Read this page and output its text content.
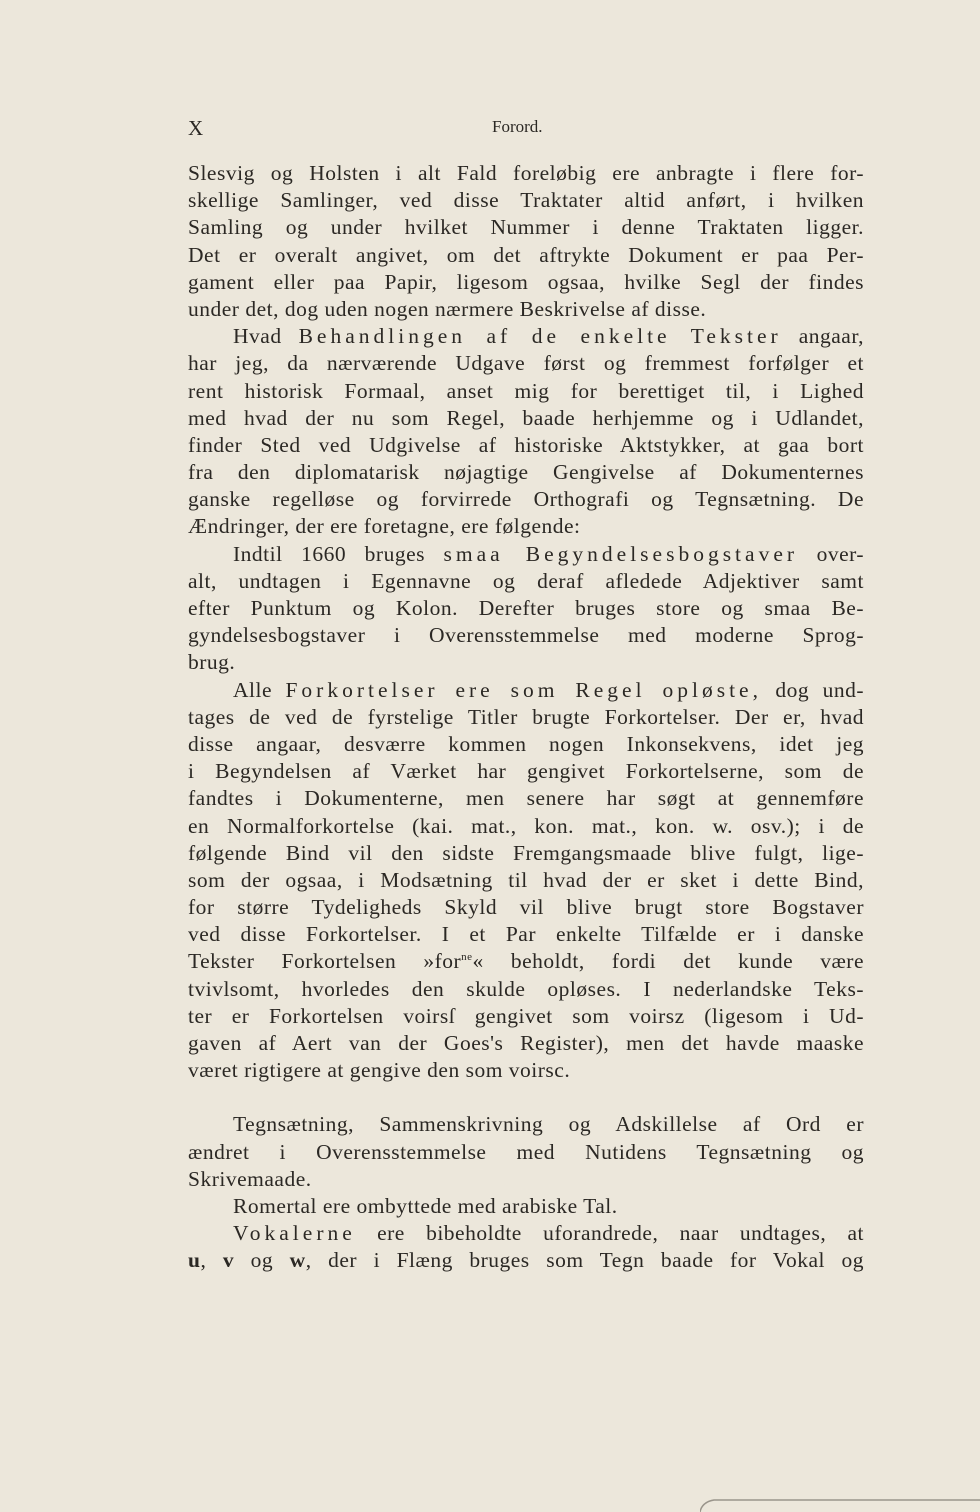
X	Forord.
Slesvig og Holsten i alt Fald foreløbig ere anbragte i flere for-
skellige Samlinger, ved disse Traktater altid anført, i hvilken
Samling og under hvilket Nummer i denne Traktaten ligger.
Det er overalt angivet, om det aftrykte Dokument er paa Per-
gament eller paa Papir, ligesom ogsaa, hvilke Segl der findes
under det, dog uden nogen nærmere Beskrivelse af disse.
Hvad Behandlingen af de enkelte Tekster angaar,
har jeg, da nærværende Udgave først og fremmest forfølger et
rent historisk Formaal, anset mig for berettiget til, i Lighed
med hvad der nu som Regel, baade herhjemme og i Udlandet,
finder Sted ved Udgivelse af historiske Aktstykker, at gaa bort
fra den diplomatarisk nøjagtige Gengivelse af Dokumenternes
ganske regelløse og forvirrede Orthografi og Tegnsætning. De
Ændringer, der ere foretagne, ere følgende:
Indtil 1660 bruges smaa Begyndelsesbogstaver over-
alt, undtagen i Egennavne og deraf afledede Adjektiver samt
efter Punktum og Kolon. Derefter bruges store og smaa Be-
gyndelsesbogstaver i Overensstemmelse med moderne Sprog-
brug.
Alle Forkortelser ere som Regel opløste, dog und-
tages de ved de fyrstelige Titler brugte Forkortelser. Der er, hvad
disse angaar, desværre kommen nogen Inkonsekvens, idet jeg
i Begyndelsen af Værket har gengivet Forkortelserne, som de
fandtes i Dokumenterne, men senere har søgt at gennemføre
en Normalforkortelse (kai. mat., kon. mat., kon. w. osv.); i de
følgende Bind vil den sidste Fremgangsmaade blive fulgt, lige-
som der ogsaa, i Modsætning til hvad der er sket i dette Bind,
for større Tydeligheds Skyld vil blive brugt store Bogstaver
ved disse Forkortelser. I et Par enkelte Tilfælde er i danske
Tekster Forkortelsen »for$^{ne}$« beholdt, fordi det kunde være
tvivlsomt, hvorledes den skulde opløses. I nederlandske Teks-
ter er Forkortelsen voirsſ gengivet som voirsz (ligesom i Ud-
gaven af Aert van der Goes's Register), men det havde maaske
været rigtigere at gengive den som voirsc.
Tegnsætning, Sammenskrivning og Adskillelse af Ord er
ændret i Overensstemmelse med Nutidens Tegnsætning og
Skrivemaade.
Romertal ere ombyttede med arabiske Tal.
Vokalerne ere bibeholdte uforandrede, naar undtages, at
u, v og w, der i Flæng bruges som Tegn baade for Vokal og
